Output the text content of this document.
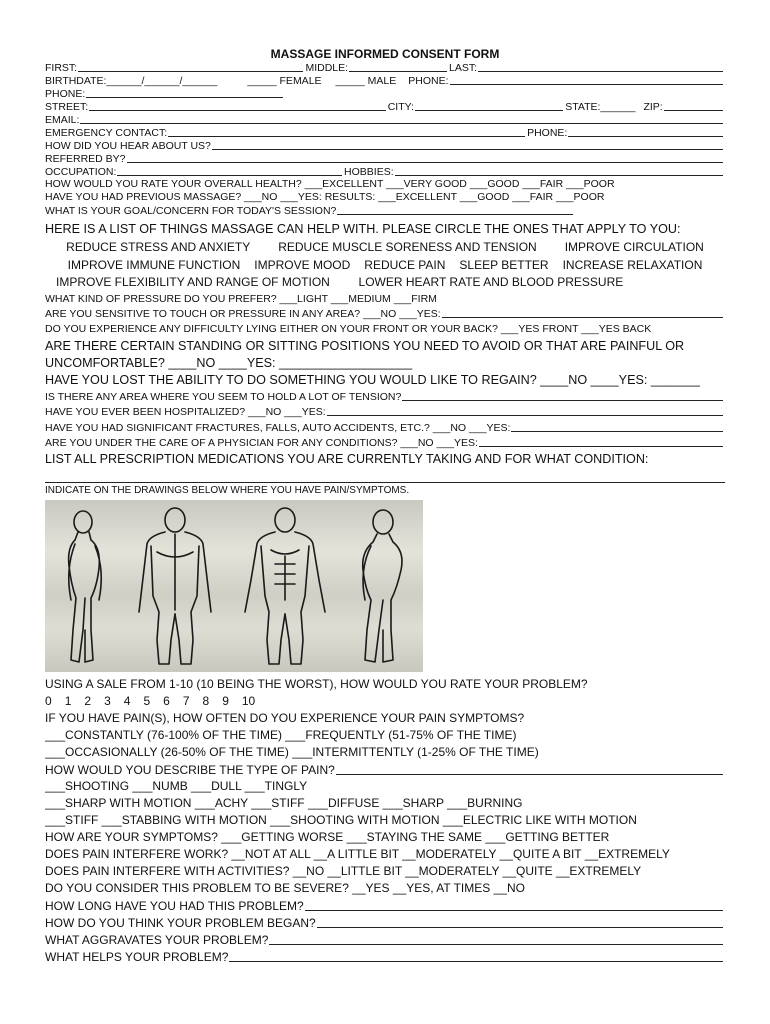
MASSAGE INFORMED CONSENT FORM
FIRST:	MIDDLE:	LAST:
BIRTHDATE:______/______/______	_____ FEMALE _____ MALE PHONE:
PHONE:
STREET:	CITY:	STATE:______ ZIP:
EMAIL:
EMERGENCY CONTACT:	PHONE:
HOW DID YOU HEAR ABOUT US?
REFERRED BY?
OCCUPATION:	HOBBIES:
HOW WOULD YOU RATE YOUR OVERALL HEALTH? ___EXCELLENT ___VERY GOOD ___GOOD ___FAIR ___POOR
HAVE YOU HAD PREVIOUS MASSAGE? ___NO ___YES: RESULTS: ___EXCELLENT ___GOOD ___FAIR ___POOR
WHAT IS YOUR GOAL/CONCERN FOR TODAY'S SESSION?
HERE IS A LIST OF THINGS MASSAGE CAN HELP WITH. PLEASE CIRCLE THE ONES THAT APPLY TO YOU:
REDUCE STRESS AND ANXIETY REDUCE MUSCLE SORENESS AND TENSION IMPROVE CIRCULATION
IMPROVE IMMUNE FUNCTION IMPROVE MOOD REDUCE PAIN SLEEP BETTER INCREASE RELAXATION
IMPROVE FLEXIBILITY AND RANGE OF MOTION LOWER HEART RATE AND BLOOD PRESSURE
WHAT KIND OF PRESSURE DO YOU PREFER? ___LIGHT ___MEDIUM ___FIRM
ARE YOU SENSITIVE TO TOUCH OR PRESSURE IN ANY AREA? ___NO ___YES:
DO YOU EXPERIENCE ANY DIFFICULTY LYING EITHER ON YOUR FRONT OR YOUR BACK? ___YES FRONT ___YES BACK
ARE THERE CERTAIN STANDING OR SITTING POSITIONS YOU NEED TO AVOID OR THAT ARE PAINFUL OR
UNCOMFORTABLE? ____NO ____YES: ___________________
HAVE YOU LOST THE ABILITY TO DO SOMETHING YOU WOULD LIKE TO REGAIN? ____NO ____YES: _______
IS THERE ANY AREA WHERE YOU SEEM TO HOLD A LOT OF TENSION?
HAVE YOU EVER BEEN HOSPITALIZED? ___NO ___YES:
HAVE YOU HAD SIGNIFICANT FRACTURES, FALLS, AUTO ACCIDENTS, ETC.? ___NO ___YES:
ARE YOU UNDER THE CARE OF A PHYSICIAN FOR ANY CONDITIONS? ___NO ___YES:
LIST ALL PRESCRIPTION MEDICATIONS YOU ARE CURRENTLY TAKING AND FOR WHAT CONDITION:
INDICATE ON THE DRAWINGS BELOW WHERE YOU HAVE PAIN/SYMPTOMS.
USING A SALE FROM 1-10 (10 BEING THE WORST), HOW WOULD YOU RATE YOUR PROBLEM?
0 1 2 3 4 5 6 7 8 9 10
IF YOU HAVE PAIN(S), HOW OFTEN DO YOU EXPERIENCE YOUR PAIN SYMPTOMS?
___CONSTANTLY (76-100% OF THE TIME) ___FREQUENTLY (51-75% OF THE TIME)
___OCCASIONALLY (26-50% OF THE TIME) ___INTERMITTENTLY (1-25% OF THE TIME)
HOW WOULD YOU DESCRIBE THE TYPE OF PAIN?
___SHOOTING ___NUMB ___DULL ___TINGLY
___SHARP WITH MOTION ___ACHY ___STIFF ___DIFFUSE ___SHARP ___BURNING
___STIFF ___STABBING WITH MOTION ___SHOOTING WITH MOTION ___ELECTRIC LIKE WITH MOTION
HOW ARE YOUR SYMPTOMS? ___GETTING WORSE ___STAYING THE SAME ___GETTING BETTER
DOES PAIN INTERFERE WORK? __NOT AT ALL __A LITTLE BIT __MODERATELY __QUITE A BIT __EXTREMELY
DOES PAIN INTERFERE WITH ACTIVITIES? __NO __LITTLE BIT __MODERATELY __QUITE __EXTREMELY
DO YOU CONSIDER THIS PROBLEM TO BE SEVERE? __YES __YES, AT TIMES __NO
HOW LONG HAVE YOU HAD THIS PROBLEM?
HOW DO YOU THINK YOUR PROBLEM BEGAN?
WHAT AGGRAVATES YOUR PROBLEM?
WHAT HELPS YOUR PROBLEM?
